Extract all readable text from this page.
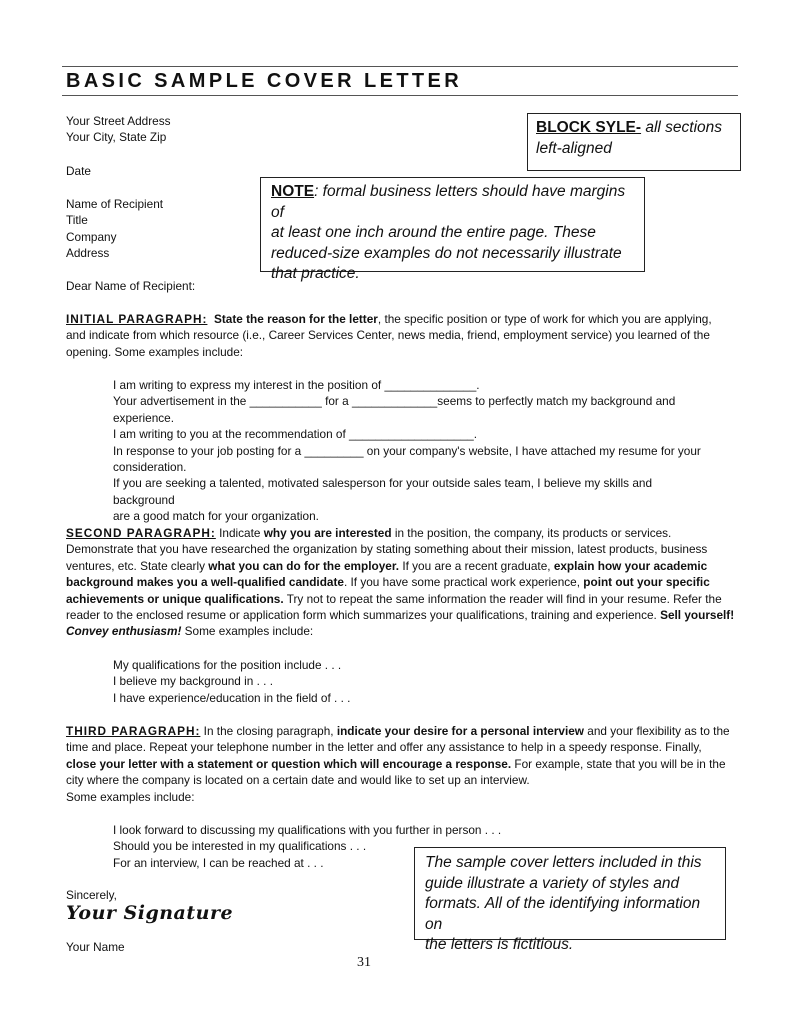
BASIC SAMPLE COVER LETTER
Your Street Address
Your City, State Zip
Date
Name of Recipient
Title
Company
Address
Dear Name of Recipient:
BLOCK SYLE- all sections
left-aligned
NOTE: formal business letters should have margins of
at least one inch around the entire page. These
reduced-size examples do not necessarily illustrate
that practice.
INITIAL PARAGRAPH: State the reason for the letter, the specific position or type of work for which you are applying,
and indicate from which resource (i.e., Career Services Center, news media, friend, employment service) you learned of the
opening. Some examples include:
I am writing to express my interest in the position of ______________.
Your advertisement in the ___________ for a _____________seems to perfectly match my background and
experience.
I am writing to you at the recommendation of ___________________.
In response to your job posting for a _________ on your company's website, I have attached my resume for your
consideration.
If you are seeking a talented, motivated salesperson for your outside sales team, I believe my skills and background
are a good match for your organization.
SECOND PARAGRAPH: Indicate why you are interested in the position, the company, its products or services.
Demonstrate that you have researched the organization by stating something about their mission, latest products, business
ventures, etc. State clearly what you can do for the employer. If you are a recent graduate, explain how your academic
background makes you a well-qualified candidate. If you have some practical work experience, point out your specific
achievements or unique qualifications. Try not to repeat the same information the reader will find in your resume. Refer the
reader to the enclosed resume or application form which summarizes your qualifications, training and experience. Sell yourself!
Convey enthusiasm! Some examples include:
My qualifications for the position include . . .
I believe my background in . . .
I have experience/education in the field of . . .
THIRD PARAGRAPH: In the closing paragraph, indicate your desire for a personal interview and your flexibility as to the
time and place. Repeat your telephone number in the letter and offer any assistance to help in a speedy response. Finally,
close your letter with a statement or question which will encourage a response. For example, state that you will be in the
city where the company is located on a certain date and would like to set up an interview.
Some examples include:
I look forward to discussing my qualifications with you further in person . . .
Should you be interested in my qualifications . . .
For an interview, I can be reached at . . .	The sample cover letters included in this
guide illustrate a variety of styles and
formats. All of the identifying information on
the letters is fictitious.
Sincerely,
Your Signature
Your Name
31
